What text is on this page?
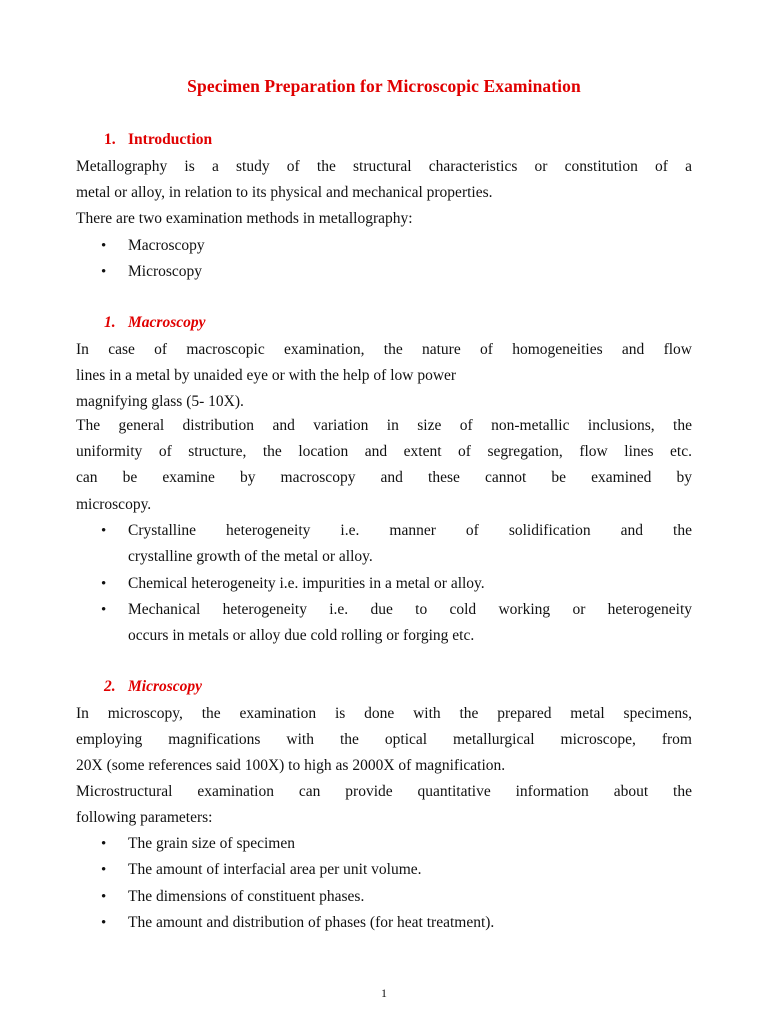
Specimen Preparation for Microscopic Examination
1. Introduction
Metallography is a study of the structural characteristics or constitution of a
metal or alloy, in relation to its physical and mechanical properties.
There are two examination methods in metallography:
•	Macroscopy
•	Microscopy
1. Macroscopy
In case of macroscopic examination, the nature of homogeneities and flow
lines in a metal by unaided eye or with the help of low power
magnifying glass (5- 10X).
The general distribution and variation in size of non-metallic inclusions, the
uniformity of structure, the location and extent of segregation, flow lines etc.
can be examine by macroscopy and these cannot be examined by
microscopy.
•	Crystalline heterogeneity i.e. manner of solidification and the
crystalline growth of the metal or alloy.
•	Chemical heterogeneity i.e. impurities in a metal or alloy.
•	Mechanical heterogeneity i.e. due to cold working or heterogeneity
occurs in metals or alloy due cold rolling or forging etc.
2. Microscopy
In microscopy, the examination is done with the prepared metal specimens,
employing magnifications with the optical metallurgical microscope, from
20X (some references said 100X) to high as 2000X of magnification.
Microstructural examination can provide quantitative information about the
following parameters:
•	The grain size of specimen
•	The amount of interfacial area per unit volume.
•	The dimensions of constituent phases.
•	The amount and distribution of phases (for heat treatment).
1
